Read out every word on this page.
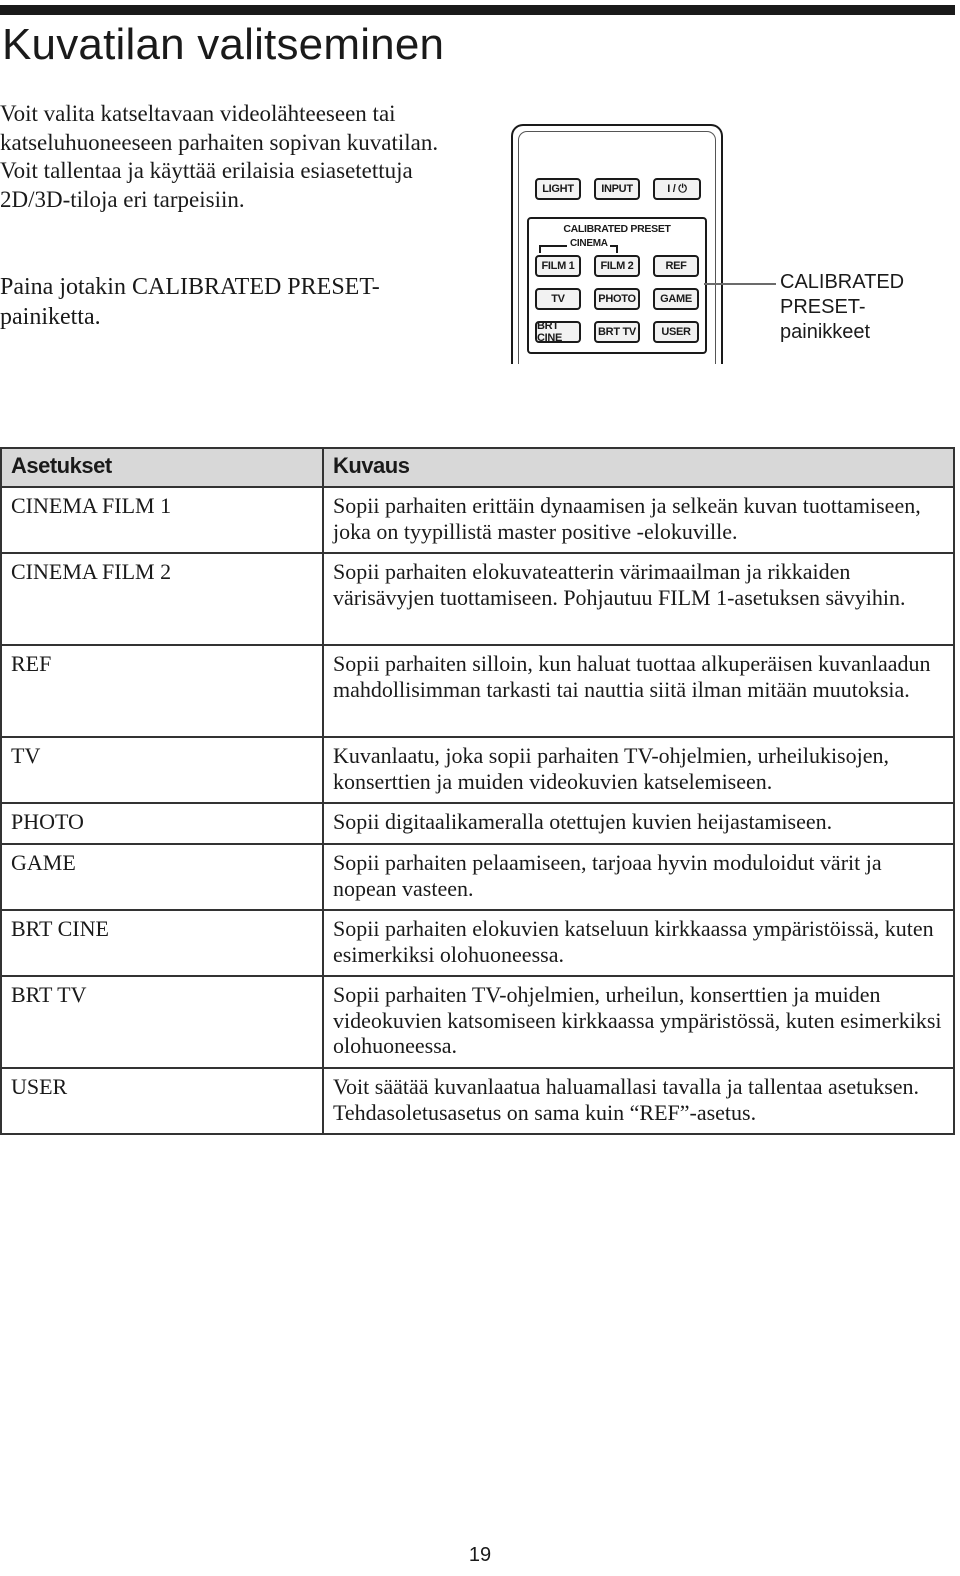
Kuvatilan valitseminen

Voit valita katseltavaan videolähteeseen tai katseluhuoneeseen parhaiten sopivan kuvatilan.

Voit tallentaa ja käyttää erilaisia esiasetettuja 2D/3D-tiloja eri tarpeisiin.

Paina jotakin CALIBRATED PRESET-painiketta.
LIGHT	INPUT	I / ⏻
CALIBRATED PRESET
CINEMA
FILM 1	FILM 2	REF
TV	PHOTO	GAME
BRT CINE	BRT TV	USER
CALIBRATED
PRESET-
painikkeet
Asetukset	Kuvaus
CINEMA FILM 1	Sopii parhaiten erittäin dynaamisen ja selkeän kuvan tuottamiseen, joka on tyypillistä master positive -elokuville.
CINEMA FILM 2	Sopii parhaiten elokuvateatterin värimaailman ja rikkaiden värisävyjen tuottamiseen. Pohjautuu FILM 1-asetuksen sävyihin.
REF	Sopii parhaiten silloin, kun haluat tuottaa alkuperäisen kuvanlaadun mahdollisimman tarkasti tai nauttia siitä ilman mitään muutoksia.
TV	Kuvanlaatu, joka sopii parhaiten TV-ohjelmien, urheilukisojen, konserttien ja muiden videokuvien katselemiseen.
PHOTO	Sopii digitaalikameralla otettujen kuvien heijastamiseen.
GAME	Sopii parhaiten pelaamiseen, tarjoaa hyvin moduloidut värit ja nopean vasteen.
BRT CINE	Sopii parhaiten elokuvien katseluun kirkkaassa ympäristöissä, kuten esimerkiksi olohuoneessa.
BRT TV	Sopii parhaiten TV-ohjelmien, urheilun, konserttien ja muiden videokuvien katsomiseen kirkkaassa ympäristössä, kuten esimerkiksi olohuoneessa.
USER	Voit säätää kuvanlaatua haluamallasi tavalla ja tallentaa asetuksen. Tehdasoletusasetus on sama kuin “REF”-asetus.
19
